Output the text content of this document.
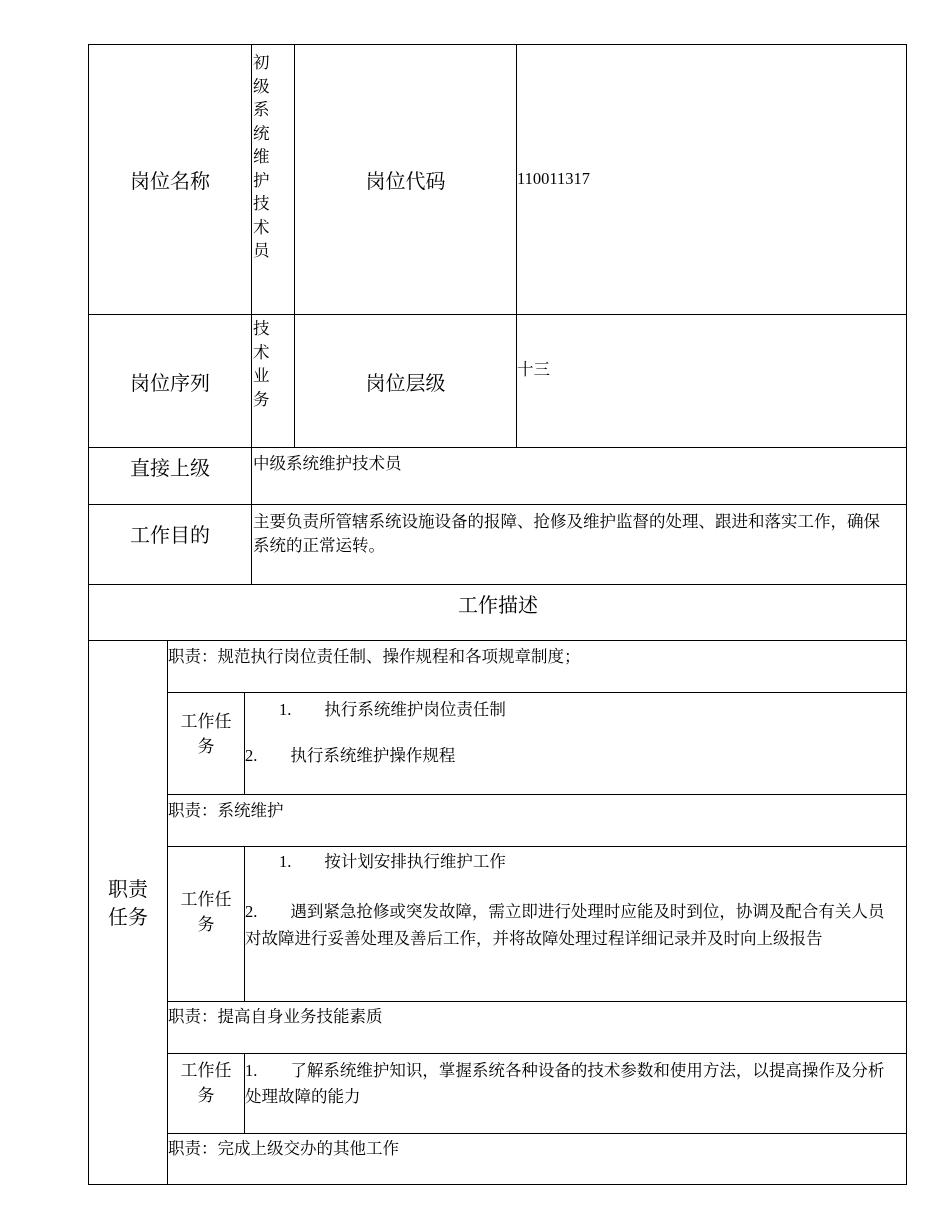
岗位名称
初级系统维护技术员
岗位代码	110011317
岗位序列
技术业务
岗位层级
十三
直接上级	中级系统维护技术员
工作目的
主要负责所管辖系统设施设备的报障、抢修及维护监督的处理、跟进和落实工作，确保系统的正常运转。
工作描述
职责任务
职责：规范执行岗位责任制、操作规程和各项规章制度；
工作任务
1.　　执行系统维护岗位责任制
2.　　执行系统维护操作规程
职责：系统维护
工作任务
1.　　按计划安排执行维护工作
2.　　遇到紧急抢修或突发故障，需立即进行处理时应能及时到位，协调及配合有关人员对故障进行妥善处理及善后工作，并将故障处理过程详细记录并及时向上级报告
职责：提高自身业务技能素质
工作任务
1.　　了解系统维护知识，掌握系统各种设备的技术参数和使用方法，以提高操作及分析处理故障的能力
职责：完成上级交办的其他工作
